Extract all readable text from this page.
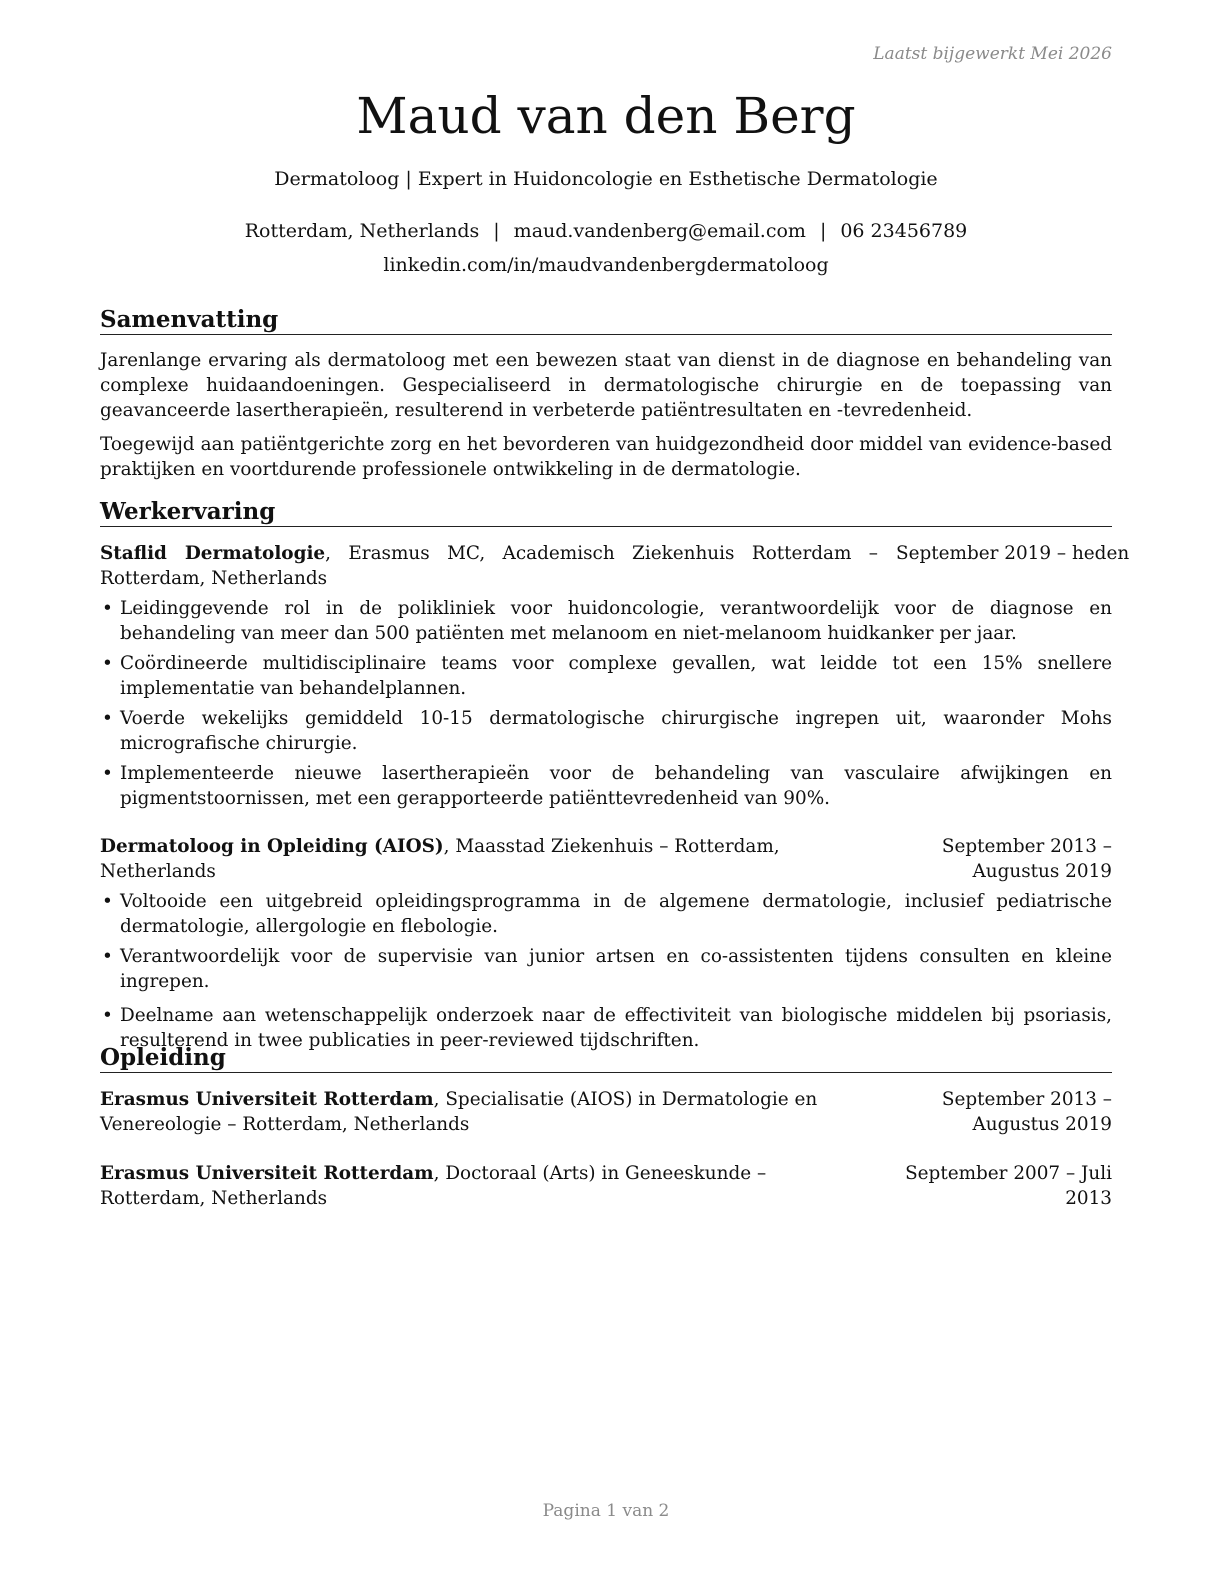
Laatst bijgewerkt Mei 2026
Maud van den Berg
Dermatoloog | Expert in Huidoncologie en Esthetische Dermatologie
Rotterdam, Netherlands | maud.vandenberg@email.com | 06 23456789
linkedin.com/in/maudvandenbergdermatoloog
Samenvatting
Jarenlange ervaring als dermatoloog met een bewezen staat van dienst in de diagnose en behandeling van complexe huidaandoeningen. Gespecialiseerd in dermatologische chirurgie en de toepassing van geavanceerde lasertherapieën, resulterend in verbeterde patiëntresultaten en -tevredenheid.
Toegewijd aan patiëntgerichte zorg en het bevorderen van huidgezondheid door middel van evidence-based praktijken en voortdurende professionele ontwikkeling in de dermatologie.
Werkervaring
Staflid Dermatologie, Erasmus MC, Academisch Ziekenhuis Rotterdam – Rotterdam, Netherlands
September 2019 – heden
• Leidinggevende rol in de polikliniek voor huidoncologie, verantwoordelijk voor de diagnose en behandeling van meer dan 500 patiënten met melanoom en niet-melanoom huidkanker per jaar.
• Coördineerde multidisciplinaire teams voor complexe gevallen, wat leidde tot een 15% snellere implementatie van behandelplannen.
• Voerde wekelijks gemiddeld 10-15 dermatologische chirurgische ingrepen uit, waaronder Mohs micrografische chirurgie.
• Implementeerde nieuwe lasertherapieën voor de behandeling van vasculaire afwijkingen en pigmentstoornissen, met een gerapporteerde patiënttevredenheid van 90%.
Dermatoloog in Opleiding (AIOS), Maasstad Ziekenhuis – Rotterdam, Netherlands
September 2013 – Augustus 2019
• Voltooide een uitgebreid opleidingsprogramma in de algemene dermatologie, inclusief pediatrische dermatologie, allergologie en flebologie.
• Verantwoordelijk voor de supervisie van junior artsen en co-assistenten tijdens consulten en kleine ingrepen.
• Deelname aan wetenschappelijk onderzoek naar de effectiviteit van biologische middelen bij psoriasis, resulterend in twee publicaties in peer-reviewed tijdschriften.
Opleiding
Erasmus Universiteit Rotterdam, Specialisatie (AIOS) in Dermatologie en Venereologie – Rotterdam, Netherlands
September 2013 – Augustus 2019
Erasmus Universiteit Rotterdam, Doctoraal (Arts) in Geneeskunde – Rotterdam, Netherlands
September 2007 – Juli 2013
Pagina 1 van 2
